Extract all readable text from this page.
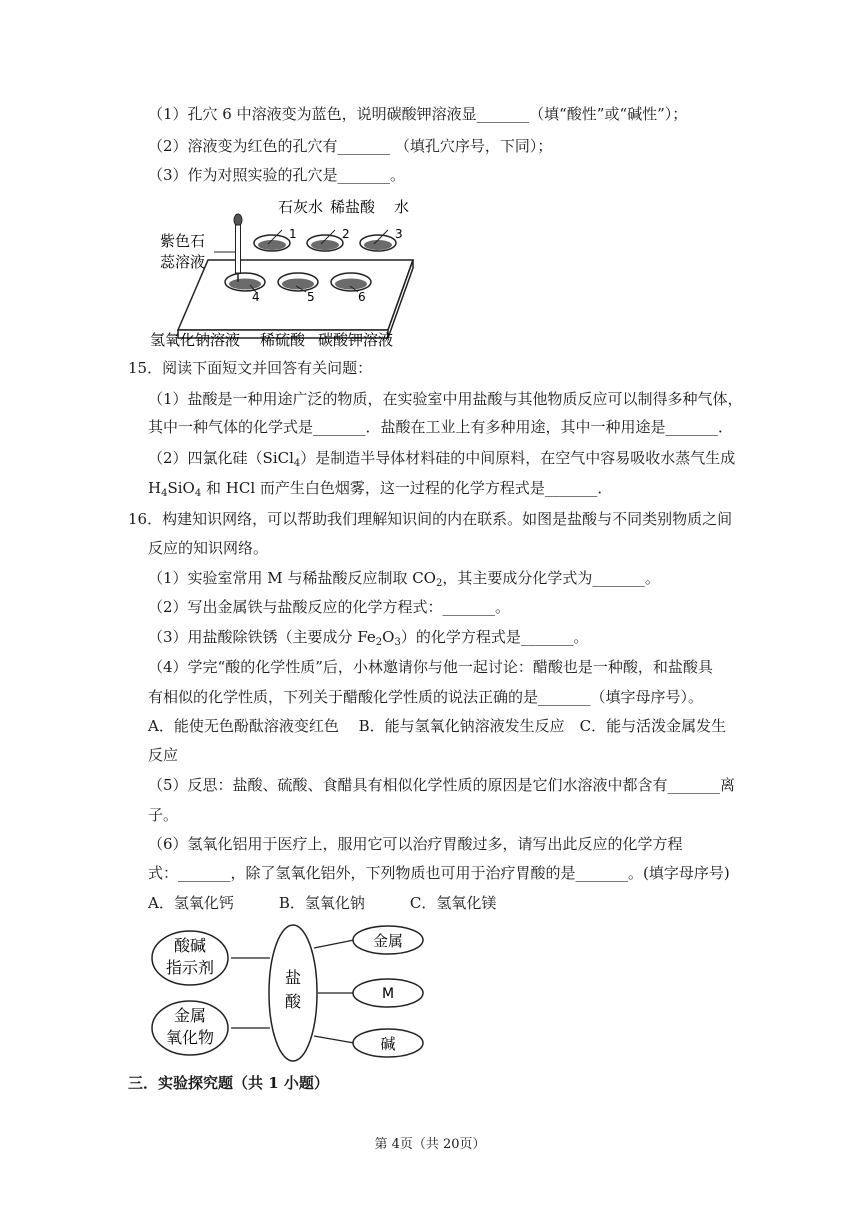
（1）孔穴 6 中溶液变为蓝色，说明碳酸钾溶液显_______（填“酸性”或“碱性”）；
（2）溶液变为红色的孔穴有_______ （填孔穴序号，下同）；
（3）作为对照实验的孔穴是_______。
1	2	3
4	5	6
石灰水 稀盐酸 水
紫色石
蕊溶液
氢氧化钠溶液 稀硫酸 碳酸钾溶液
15．阅读下面短文并回答有关问题：
（1）盐酸是一种用途广泛的物质，在实验室中用盐酸与其他物质反应可以制得多种气体，
其中一种气体的化学式是_______．盐酸在工业上有多种用途，其中一种用途是_______．
（2）四氯化硅（SiCl$_4$）是制造半导体材料硅的中间原料，在空气中容易吸收水蒸气生成
$H_4SiO_4$ 和 HCl 而产生白色烟雾，这一过程的化学方程式是_______．
16．构建知识网络，可以帮助我们理解知识间的内在联系。如图是盐酸与不同类别物质之间
反应的知识网络。
（1）实验室常用 M 与稀盐酸反应制取 $CO_2$，其主要成分化学式为_______。
（2）写出金属铁与盐酸反应的化学方程式：_______。
（3）用盐酸除铁锈（主要成分 $Fe_2O_3$）的化学方程式是_______。
（4）学完“酸的化学性质”后，小林邀请你与他一起讨论：醋酸也是一种酸，和盐酸具
有相似的化学性质，下列关于醋酸化学性质的说法正确的是_______（填字母序号）。
A．能使无色酚酞溶液变红色　 B．能与氢氧化钠溶液发生反应　C．能与活泼金属发生
反应
（5）反思：盐酸、硫酸、食醋具有相似化学性质的原因是它们水溶液中都含有_______离
子。
（6）氢氧化铝用于医疗上，服用它可以治疗胃酸过多，请写出此反应的化学方程
式：_______，除了氢氧化铝外，下列物质也可用于治疗胃酸的是_______。(填字母序号)
A．氢氧化钙　　　B．氢氧化钠　　　C．氢氧化镁
酸碱
指示剂
金属
氧化物
盐
酸
金属
M
碱
三．实验探究题（共 1 小题）
第 4页（共 20页）
